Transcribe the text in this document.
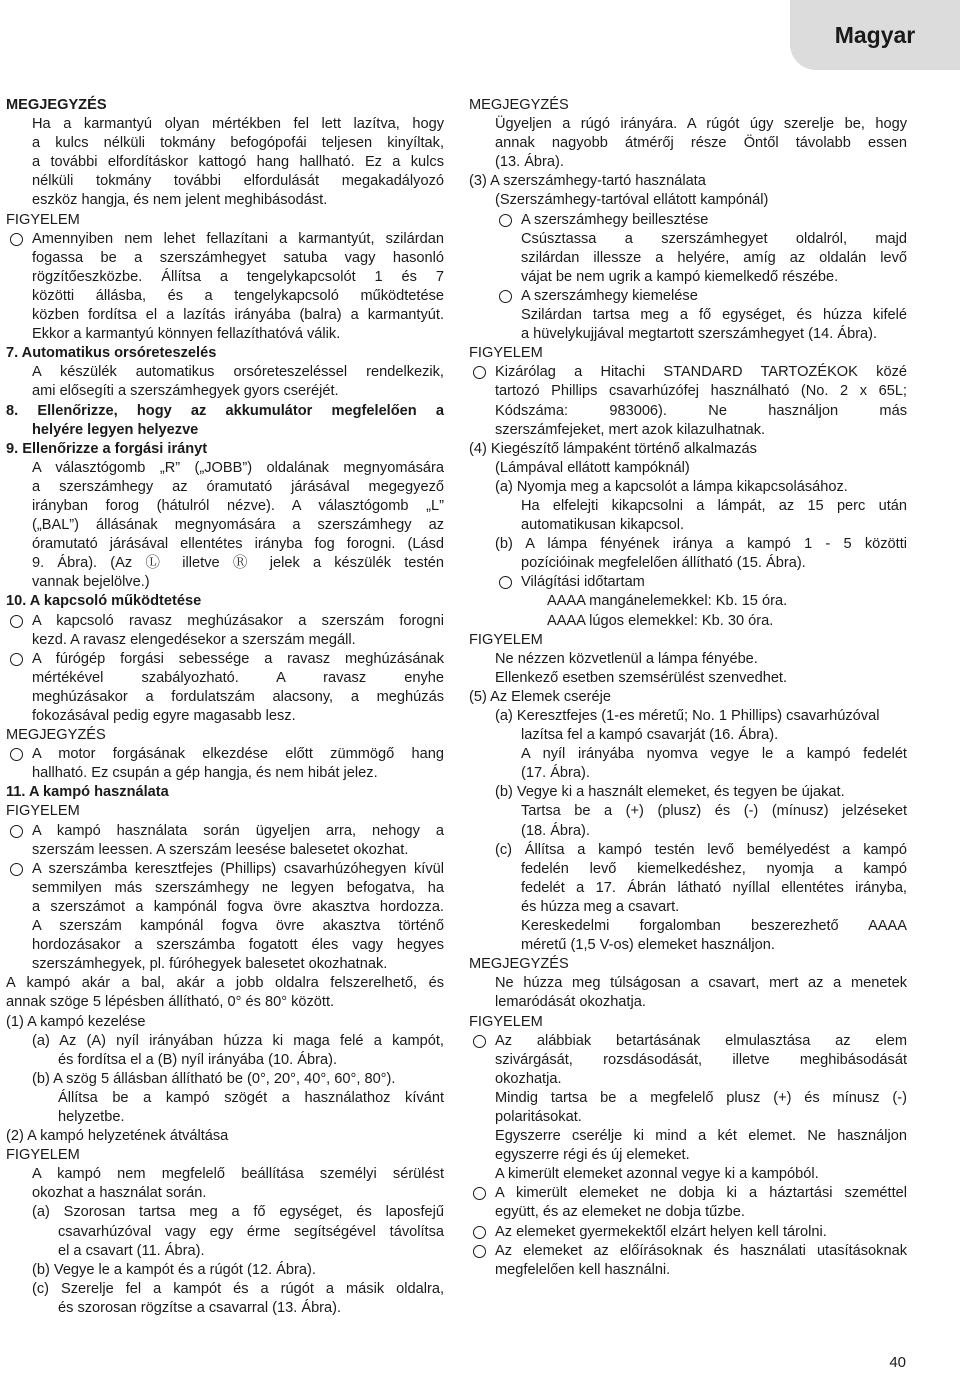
Magyar
MEGJEGYZÉS
Ha a karmantyú olyan mértékben fel lett lazítva, hogy
a kulcs nélküli tokmány befogópofái teljesen kinyíltak,
a további elfordításkor kattogó hang hallható. Ez a kulcs
nélküli tokmány további elfordulását megakadályozó
eszköz hangja, és nem jelent meghibásodást.
FIGYELEM
Amennyiben nem lehet fellazítani a karmantyút, szilárdan
fogassa be a szerszámhegyet satuba vagy hasonló
rögzítőeszközbe. Állítsa a tengelykapcsolót 1 és 7
közötti állásba, és a tengelykapcsoló működtetése
közben fordítsa el a lazítás irányába (balra) a karmantyút.
Ekkor a karmantyú könnyen fellazíthatóvá válik.
7. Automatikus orsóreteszelés
A készülék automatikus orsóreteszeléssel rendelkezik,
ami elősegíti a szerszámhegyek gyors cseréjét.
8. Ellenőrizze, hogy az akkumulátor megfelelően a
helyére legyen helyezve
9. Ellenőrizze a forgási irányt
A választógomb „R” („JOBB”) oldalának megnyomására
a szerszámhegy az óramutató járásával megegyező
irányban forog (hátulról nézve). A választógomb „L”
(„BAL”) állásának megnyomására a szerszámhegy az
óramutató járásával ellentétes irányba fog forogni. (Lásd
9. Ábra). (Az Ⓛ illetve Ⓡ jelek a készülék testén
vannak bejelölve.)
10. A kapcsoló működtetése
A kapcsoló ravasz meghúzásakor a szerszám forogni
kezd. A ravasz elengedésekor a szerszám megáll.
A fúrógép forgási sebessége a ravasz meghúzásának
mértékével szabályozható. A ravasz enyhe
meghúzásakor a fordulatszám alacsony, a meghúzás
fokozásával pedig egyre magasabb lesz.
MEGJEGYZÉS
A motor forgásának elkezdése előtt zümmögő hang
hallható. Ez csupán a gép hangja, és nem hibát jelez.
11. A kampó használata
FIGYELEM
A kampó használata során ügyeljen arra, nehogy a
szerszám leessen. A szerszám leesése balesetet okozhat.
A szerszámba keresztfejes (Phillips) csavarhúzóhegyen kívül
semmilyen más szerszámhegy ne legyen befogatva, ha
a szerszámot a kampónál fogva övre akasztva hordozza.
A szerszám kampónál fogva övre akasztva történő
hordozásakor a szerszámba fogatott éles vagy hegyes
szerszámhegyek, pl. fúróhegyek balesetet okozhatnak.
A kampó akár a bal, akár a jobb oldalra felszerelhető, és
annak szöge 5 lépésben állítható, 0° és 80° között.
(1) A kampó kezelése
(a) Az (A) nyíl irányában húzza ki maga felé a kampót,
és fordítsa el a (B) nyíl irányába (10. Ábra).
(b) A szög 5 állásban állítható be (0°, 20°, 40°, 60°, 80°).
Állítsa be a kampó szögét a használathoz kívánt
helyzetbe.
(2) A kampó helyzetének átváltása
FIGYELEM
A kampó nem megfelelő beállítása személyi sérülést
okozhat a használat során.
(a) Szorosan tartsa meg a fő egységet, és laposfejű
csavarhúzóval vagy egy érme segítségével távolítsa
el a csavart (11. Ábra).
(b) Vegye le a kampót és a rúgót (12. Ábra).
(c) Szerelje fel a kampót és a rúgót a másik oldalra,
és szorosan rögzítse a csavarral (13. Ábra).
MEGJEGYZÉS
Ügyeljen a rúgó irányára. A rúgót úgy szerelje be, hogy
annak nagyobb átmérőj része Öntől távolabb essen
(13. Ábra).
(3) A szerszámhegy-tartó használata
(Szerszámhegy-tartóval ellátott kampónál)
A szerszámhegy beillesztése
Csúsztassa a szerszámhegyet oldalról, majd
szilárdan illessze a helyére, amíg az oldalán levő
vájat be nem ugrik a kampó kiemelkedő részébe.
A szerszámhegy kiemelése
Szilárdan tartsa meg a fő egységet, és húzza kifelé
a hüvelykujjával megtartott szerszámhegyet (14. Ábra).
FIGYELEM
Kizárólag a Hitachi STANDARD TARTOZÉKOK közé
tartozó Phillips csavarhúzófej használható (No. 2 x 65L;
Kódszáma: 983006). Ne használjon más
szerszámfejeket, mert azok kilazulhatnak.
(4) Kiegészítő lámpaként történő alkalmazás
(Lámpával ellátott kampóknál)
(a) Nyomja meg a kapcsolót a lámpa kikapcsolásához.
Ha elfelejti kikapcsolni a lámpát, az 15 perc után
automatikusan kikapcsol.
(b) A lámpa fényének iránya a kampó 1 - 5 közötti
pozícióinak megfelelően állítható (15. Ábra).
Világítási időtartam
AAAA mangánelemekkel: Kb. 15 óra.
AAAA lúgos elemekkel: Kb. 30 óra.
FIGYELEM
Ne nézzen közvetlenül a lámpa fényébe.
Ellenkező esetben szemsérülést szenvedhet.
(5) Az Elemek cseréje
(a) Keresztfejes (1-es méretű; No. 1 Phillips) csavarhúzóval
lazítsa fel a kampó csavarját (16. Ábra).
A nyíl irányába nyomva vegye le a kampó fedelét
(17. Ábra).
(b) Vegye ki a használt elemeket, és tegyen be újakat.
Tartsa be a (+) (plusz) és (-) (mínusz) jelzéseket
(18. Ábra).
(c) Állítsa a kampó testén levő bemélyedést a kampó
fedelén levő kiemelkedéshez, nyomja a kampó
fedelét a 17. Ábrán látható nyíllal ellentétes irányba,
és húzza meg a csavart.
Kereskedelmi forgalomban beszerezhető AAAA
méretű (1,5 V-os) elemeket használjon.
MEGJEGYZÉS
Ne húzza meg túlságosan a csavart, mert az a menetek
lemaródását okozhatja.
FIGYELEM
Az alábbiak betartásának elmulasztása az elem
szivárgását, rozsdásodását, illetve meghibásodását
okozhatja.
Mindig tartsa be a megfelelő plusz (+) és mínusz (-)
polaritásokat.
Egyszerre cserélje ki mind a két elemet. Ne használjon
egyszerre régi és új elemeket.
A kimerült elemeket azonnal vegye ki a kampóból.
A kimerült elemeket ne dobja ki a háztartási szeméttel
együtt, és az elemeket ne dobja tűzbe.
Az elemeket gyermekektől elzárt helyen kell tárolni.
Az elemeket az előírásoknak és használati utasításoknak
megfelelően kell használni.
40
